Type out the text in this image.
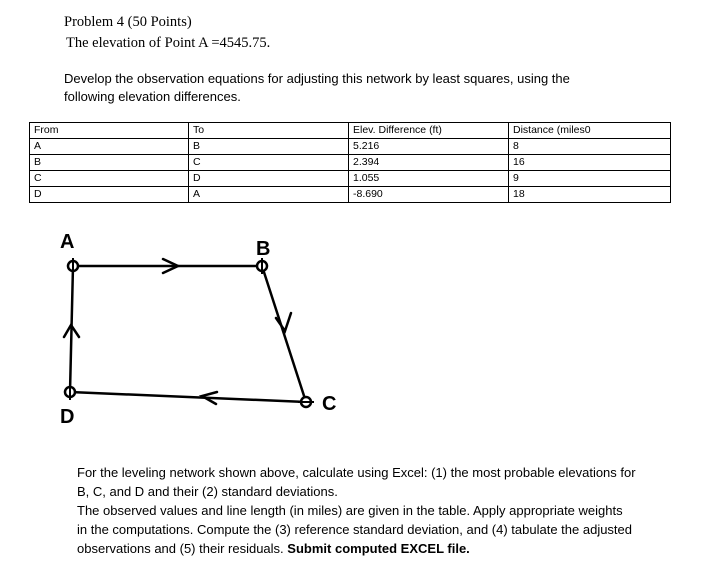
Problem 4 (50 Points)
The elevation of Point A =4545.75.
Develop the observation equations for adjusting this network by least squares, using the
following elevation differences.
From	To	Elev. Difference (ft)	Distance (miles0
A	B	5.216	8
B	C	2.394	16
C	D	1.055	9
D	A	-8.690	18
A	B
C
D
For the leveling network shown above, calculate using Excel: (1) the most probable elevations for
B, C, and D and their (2) standard deviations.
The observed values and line length (in miles) are given in the table. Apply appropriate weights
in the computations. Compute the (3) reference standard deviation, and (4) tabulate the adjusted
observations and (5) their residuals. Submit computed EXCEL file.
